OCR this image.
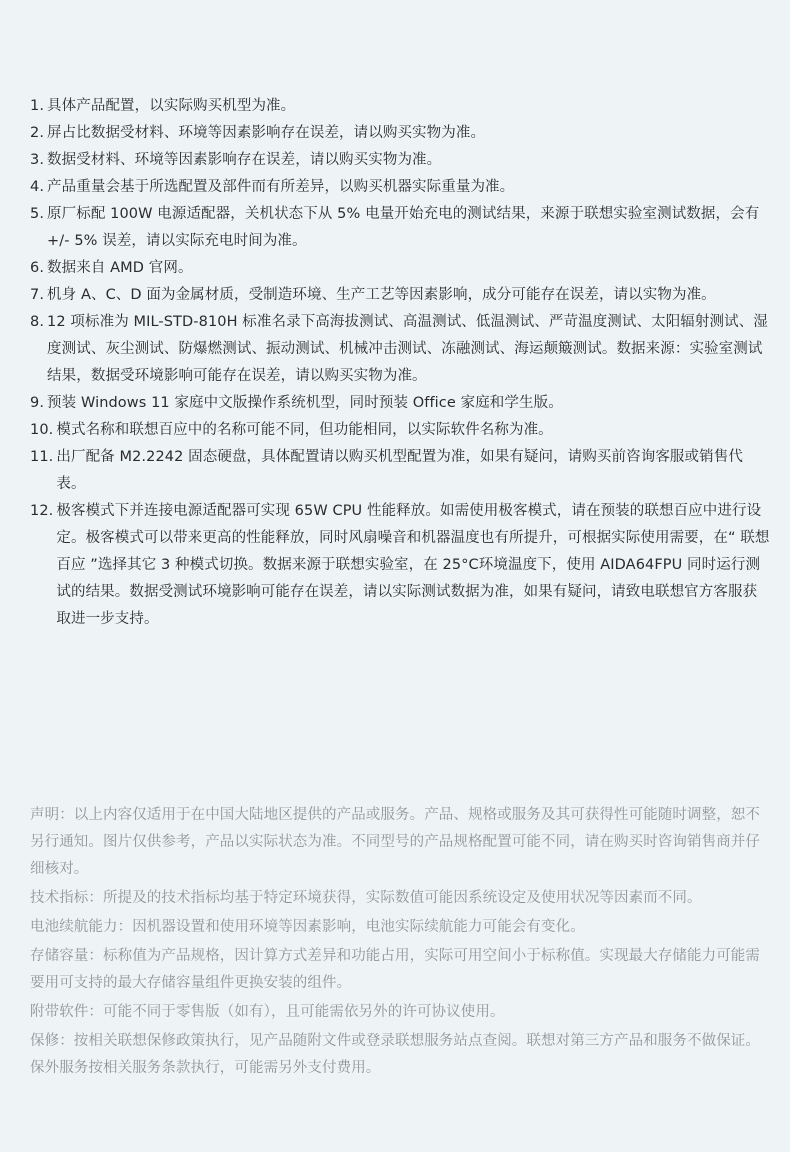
1. 具体产品配置，以实际购买机型为准。
2. 屏占比数据受材料、环境等因素影响存在误差，请以购买实物为准。
3. 数据受材料、环境等因素影响存在误差，请以购买实物为准。
4. 产品重量会基于所选配置及部件而有所差异，以购买机器实际重量为准。
5. 原厂标配 100W 电源适配器，关机状态下从 5% 电量开始充电的测试结果，来源于联想实验室测试数据，会有 +/- 5% 误差，请以实际充电时间为准。
6. 数据来自 AMD 官网。
7. 机身 A、C、D 面为金属材质，受制造环境、生产工艺等因素影响，成分可能存在误差，请以实物为准。
8. 12 项标准为 MIL-STD-810H 标准名录下高海拔测试、高温测试、低温测试、严苛温度测试、太阳辐射测试、湿度测试、灰尘测试、防爆燃测试、振动测试、机械冲击测试、冻融测试、海运颠簸测试。数据来源：实验室测试结果，数据受环境影响可能存在误差，请以购买实物为准。
9. 预装 Windows 11 家庭中文版操作系统机型，同时预装 Office 家庭和学生版。
10. 模式名称和联想百应中的名称可能不同，但功能相同，以实际软件名称为准。
11. 出厂配备 M2.2242 固态硬盘，具体配置请以购买机型配置为准，如果有疑问，请购买前咨询客服或销售代表。
12. 极客模式下并连接电源适配器可实现 65W CPU 性能释放。如需使用极客模式，请在预装的联想百应中进行设定。极客模式可以带来更高的性能释放，同时风扇噪音和机器温度也有所提升，可根据实际使用需要，在“ 联想百应 ”选择其它 3 种模式切换。数据来源于联想实验室，在 25°C环境温度下，使用 AIDA64FPU 同时运行测试的结果。数据受测试环境影响可能存在误差，请以实际测试数据为准，如果有疑问，请致电联想官方客服获取进一步支持。

声明：以上内容仅适用于在中国大陆地区提供的产品或服务。产品、规格或服务及其可获得性可能随时调整，恕不另行通知。图片仅供参考，产品以实际状态为准。不同型号的产品规格配置可能不同，请在购买时咨询销售商并仔细核对。

技术指标：所提及的技术指标均基于特定环境获得，实际数值可能因系统设定及使用状况等因素而不同。

电池续航能力：因机器设置和使用环境等因素影响，电池实际续航能力可能会有变化。

存储容量：标称值为产品规格，因计算方式差异和功能占用，实际可用空间小于标称值。实现最大存储能力可能需要用可支持的最大存储容量组件更换安装的组件。

附带软件：可能不同于零售版（如有），且可能需依另外的许可协议使用。

保修：按相关联想保修政策执行，见产品随附文件或登录联想服务站点查阅。联想对第三方产品和服务不做保证。保外服务按相关服务条款执行，可能需另外支付费用。
